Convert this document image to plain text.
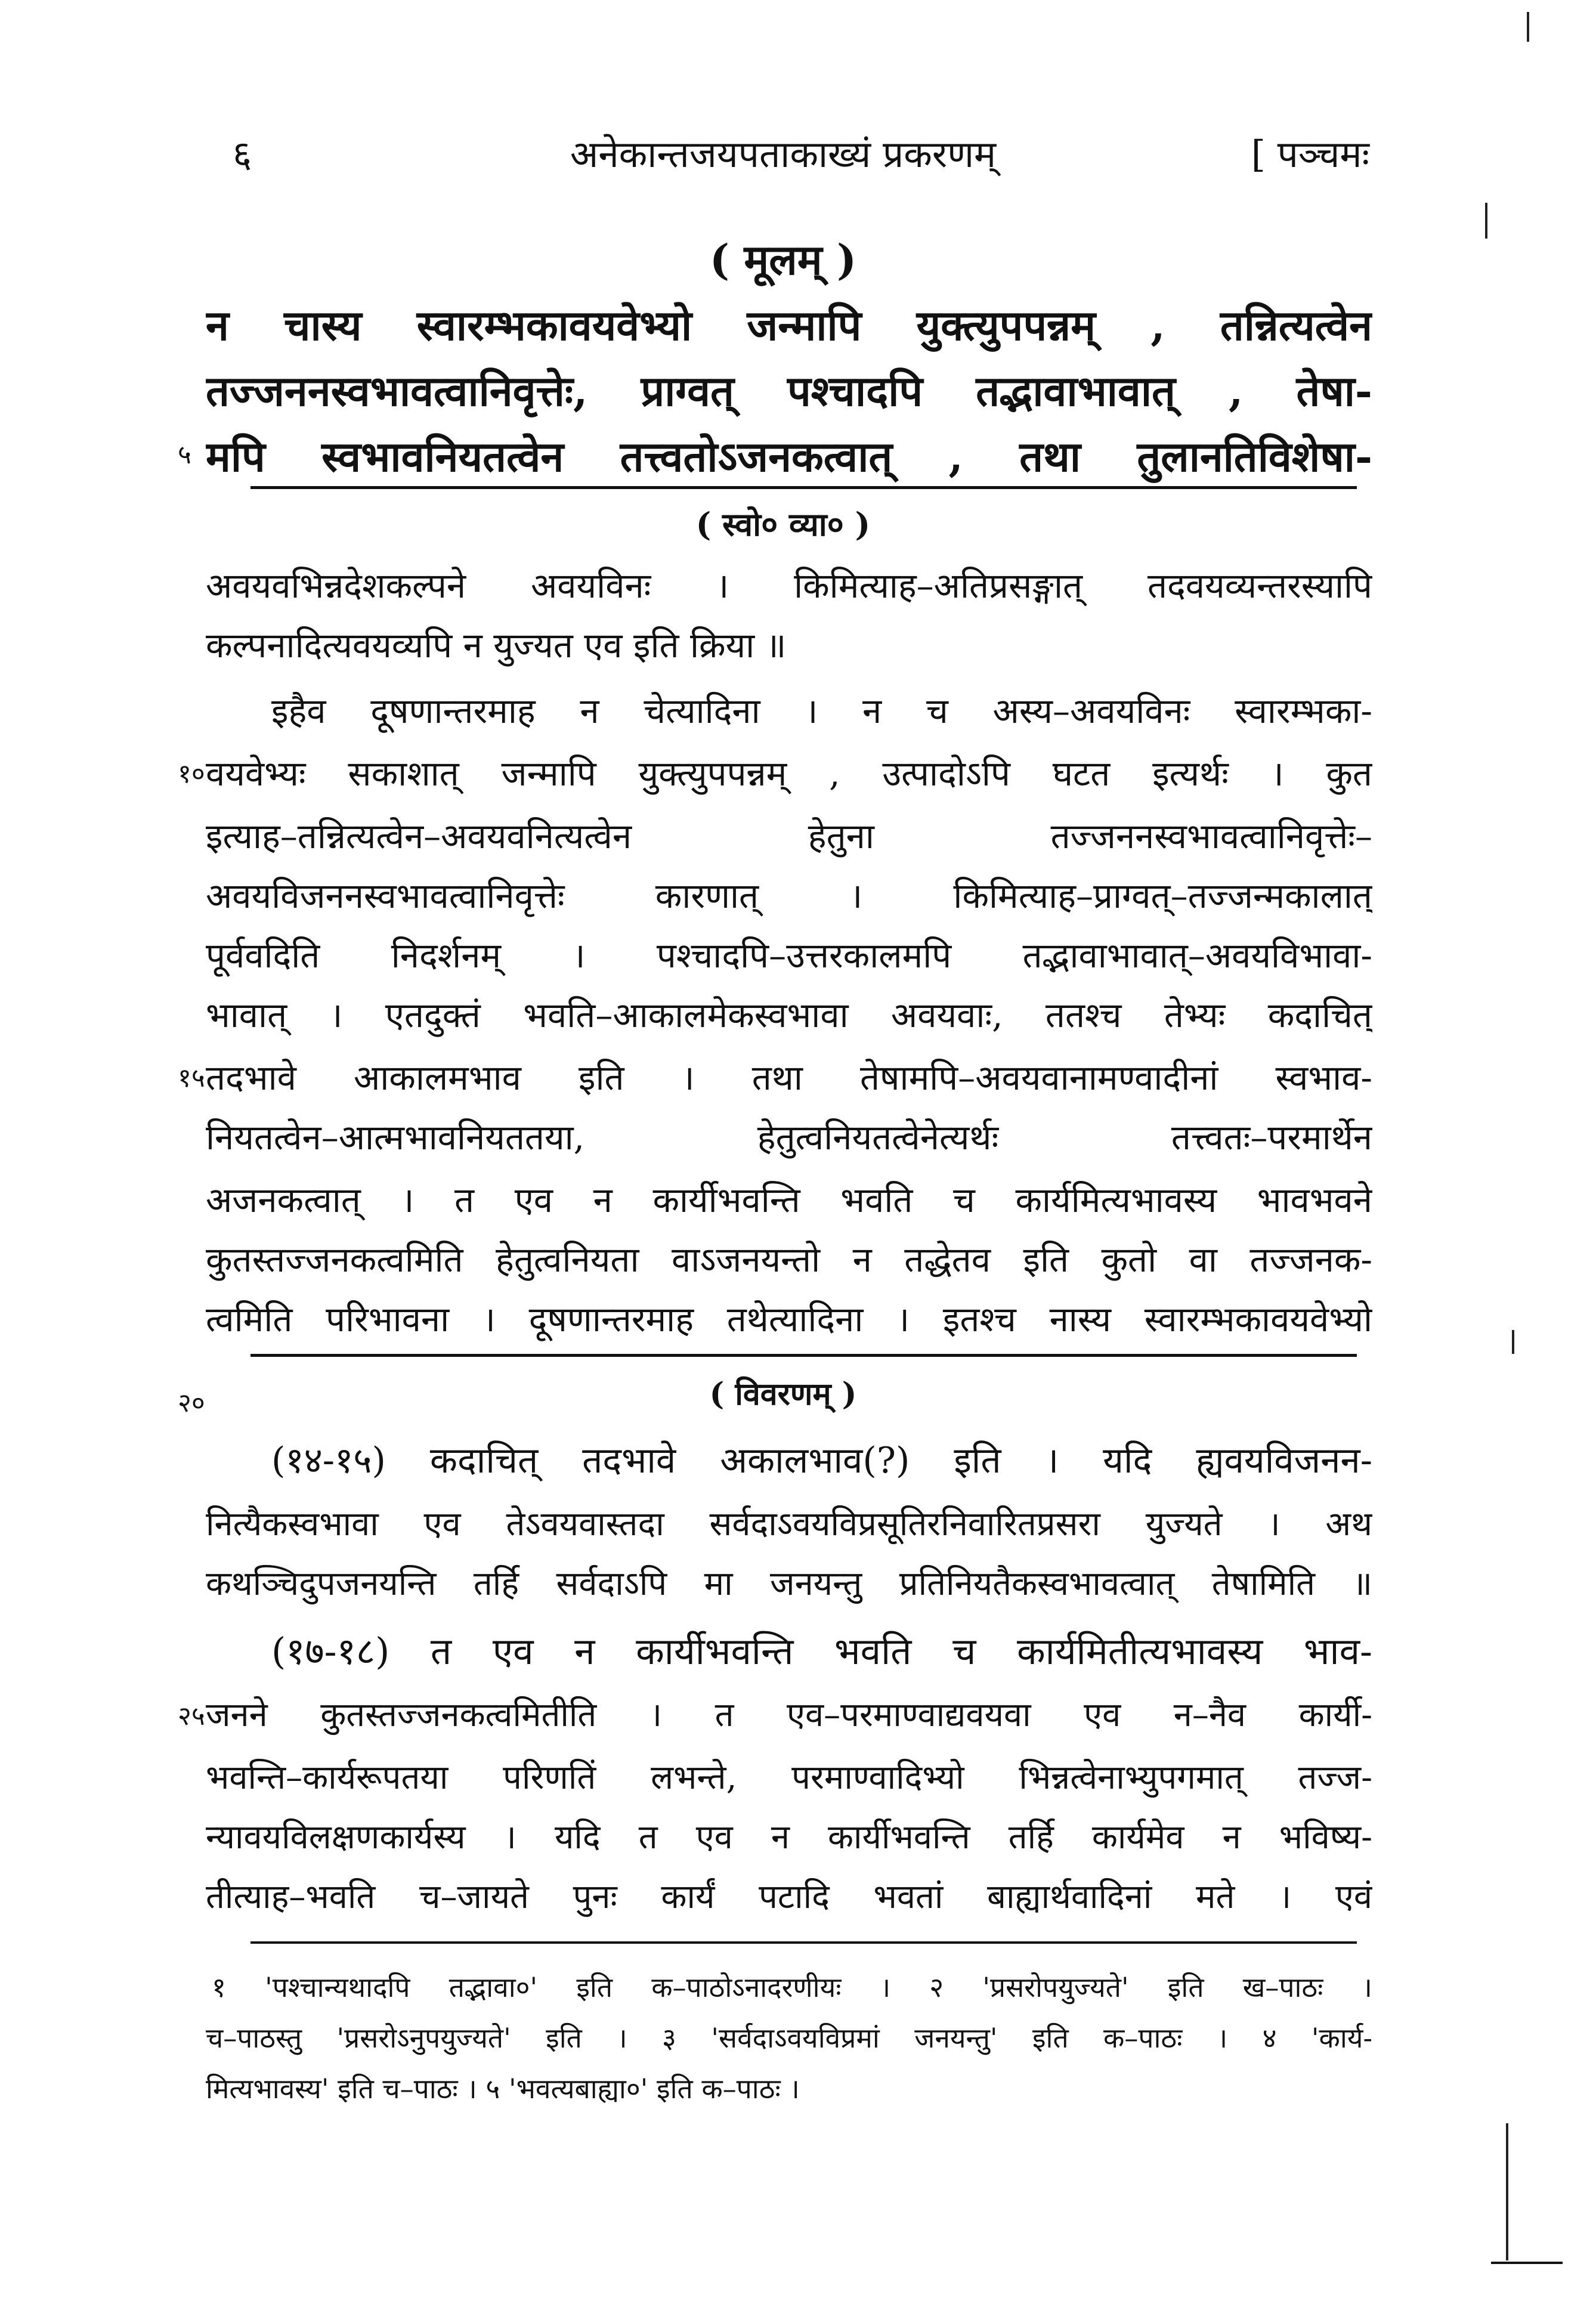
६	अनेकान्तजयपताकाख्यं प्रकरणम्	[ पञ्चमः
( मूलम् )
न चास्य स्वारम्भकावयवेभ्यो जन्मापि युक्त्युपपन्नम् , तन्नित्यत्वेन
तज्जननस्वभावत्वानिवृत्तेः, प्राग्वत् पश्चादपि तद्भावाभावात् , तेषा-
मपि स्वभावनियतत्वेन तत्त्वतोऽजनकत्वात् , तथा तुलानतिविशेषा-
५
( स्वो० व्या० )
अवयवभिन्नदेशकल्पने अवयविनः । किमित्याह–अतिप्रसङ्गात् तदवयव्यन्तरस्यापि
कल्पनादित्यवयव्यपि न युज्यत एव इति क्रिया ॥
इहैव दूषणान्तरमाह न चेत्यादिना । न च अस्य–अवयविनः स्वारम्भका-
वयवेभ्यः सकाशात् जन्मापि युक्त्युपपन्नम् , उत्पादोऽपि घटत इत्यर्थः । कुत
१०
इत्याह–तन्नित्यत्वेन–अवयवनित्यत्वेन हेतुना तज्जननस्वभावत्वानिवृत्तेः–
अवयविजननस्वभावत्वानिवृत्तेः कारणात् । किमित्याह–प्राग्वत्–तज्जन्मकालात्
पूर्ववदिति निदर्शनम् । पश्चादपि–उत्तरकालमपि तद्भावाभावात्–अवयविभावा-
भावात् । एतदुक्तं भवति–आकालमेकस्वभावा अवयवाः, ततश्च तेभ्यः कदाचित्
तदभावे आकालमभाव इति । तथा तेषामपि–अवयवानामण्वादीनां स्वभाव-
१५
नियतत्वेन–आत्मभावनियततया, हेतुत्वनियतत्वेनेत्यर्थः तत्त्वतः–परमार्थेन
अजनकत्वात् । त एव न कार्यीभवन्ति भवति च कार्यमित्यभावस्य भावभवने
कुतस्तज्जनकत्वमिति हेतुत्वनियता वाऽजनयन्तो न तद्धेतव इति कुतो वा तज्जनक-
त्वमिति परिभावना । दूषणान्तरमाह तथेत्यादिना । इतश्च नास्य स्वारम्भकावयवेभ्यो
२०	( विवरणम् )
(१४-१५) कदाचित् तदभावे अकालभाव(?) इति । यदि ह्यवयविजनन-
नित्यैकस्वभावा एव तेऽवयवास्तदा सर्वदाऽवयविप्रसूतिरनिवारितप्रसरा युज्यते । अथ
कथञ्चिदुपजनयन्ति तर्हि सर्वदाऽपि मा जनयन्तु प्रतिनियतैकस्वभावत्वात् तेषामिति ॥
(१७-१८) त एव न कार्यीभवन्ति भवति च कार्यमितीत्यभावस्य भाव-
जनने कुतस्तज्जनकत्वमितीति । त एव–परमाण्वाद्यवयवा एव न–नैव कार्यी-
२५
भवन्ति–कार्यरूपतया परिणतिं लभन्ते, परमाण्वादिभ्यो भिन्नत्वेनाभ्युपगमात् तज्ज-
न्यावयविलक्षणकार्यस्य । यदि त एव न कार्यीभवन्ति तर्हि कार्यमेव न भविष्य-
तीत्याह–भवति च–जायते पुनः कार्यं पटादि भवतां बाह्यार्थवादिनां मते । एवं
१ 'पश्चान्यथादपि तद्भावा०' इति क–पाठोऽनादरणीयः । २ 'प्रसरोपयुज्यते' इति ख–पाठः ।
च–पाठस्तु 'प्रसरोऽनुपयुज्यते' इति । ३ 'सर्वदाऽवयविप्रमां जनयन्तु' इति क–पाठः । ४ 'कार्य-
मित्यभावस्य' इति च–पाठः । ५ 'भवत्यबाह्या०' इति क–पाठः ।
